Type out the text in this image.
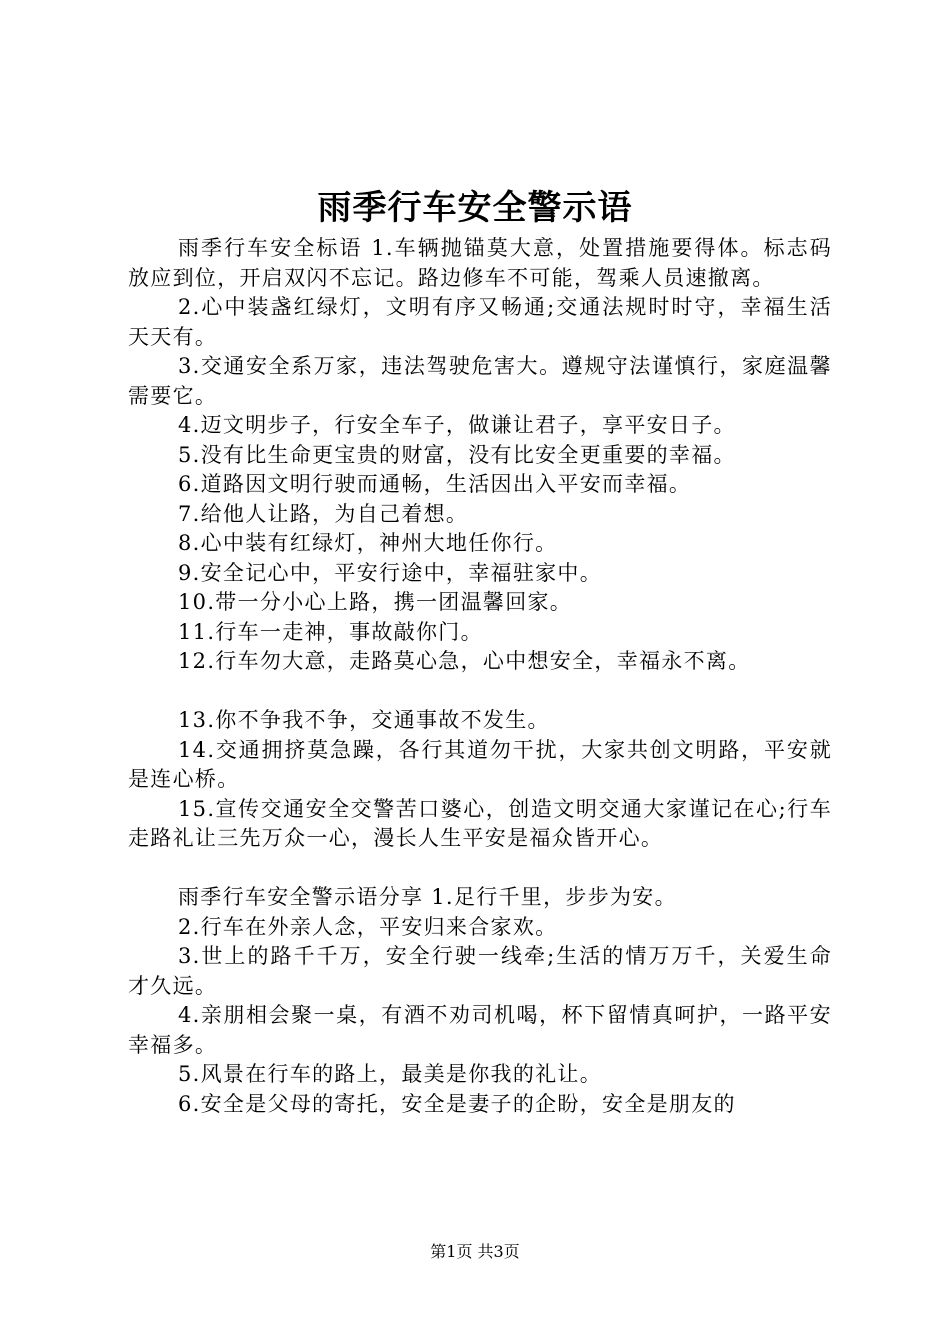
雨季行车安全警示语

雨季行车安全标语 1.车辆抛锚莫大意，处置措施要得体。标志码放应到位，开启双闪不忘记。路边修车不可能，驾乘人员速撤离。

2.心中装盏红绿灯，文明有序又畅通;交通法规时时守，幸福生活天天有。

3.交通安全系万家，违法驾驶危害大。遵规守法谨慎行，家庭温馨需要它。

4.迈文明步子，行安全车子，做谦让君子，享平安日子。

5.没有比生命更宝贵的财富，没有比安全更重要的幸福。

6.道路因文明行驶而通畅，生活因出入平安而幸福。

7.给他人让路，为自己着想。

8.心中装有红绿灯，神州大地任你行。

9.安全记心中，平安行途中，幸福驻家中。

10.带一分小心上路，携一团温馨回家。

11.行车一走神，事故敲你门。

12.行车勿大意，走路莫心急，心中想安全，幸福永不离。

13.你不争我不争，交通事故不发生。

14.交通拥挤莫急躁，各行其道勿干扰，大家共创文明路，平安就是连心桥。

15.宣传交通安全交警苦口婆心，创造文明交通大家谨记在心;行车走路礼让三先万众一心，漫长人生平安是福众皆开心。

雨季行车安全警示语分享 1.足行千里，步步为安。

2.行车在外亲人念，平安归来合家欢。

3.世上的路千千万，安全行驶一线牵;生活的情万万千，关爱生命才久远。

4.亲朋相会聚一桌，有酒不劝司机喝，杯下留情真呵护，一路平安幸福多。

5.风景在行车的路上，最美是你我的礼让。

6.安全是父母的寄托，安全是妻子的企盼，安全是朋友的

第1页 共3页
